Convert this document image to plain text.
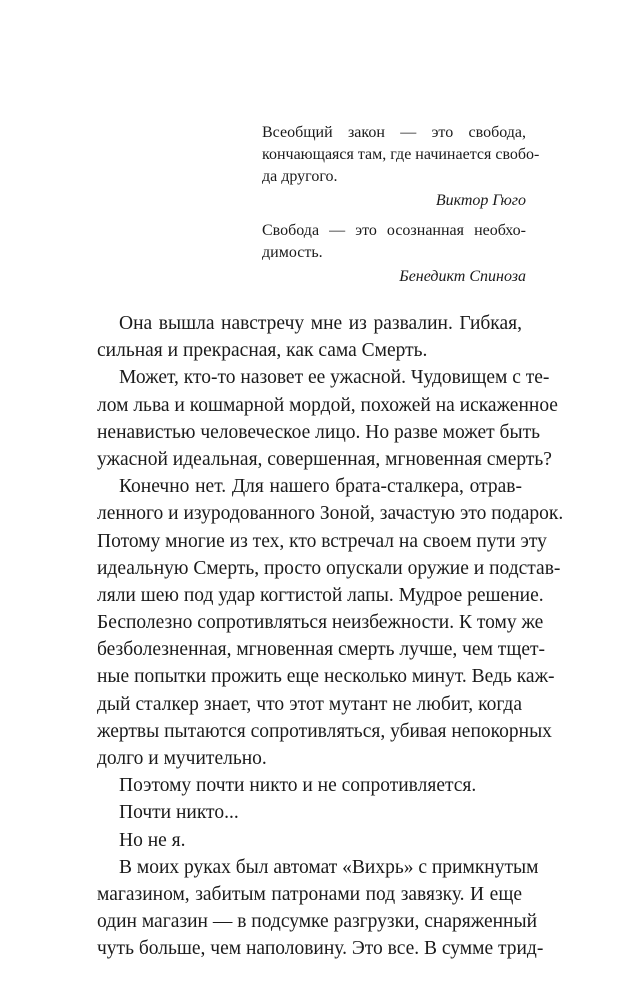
Всеобщий закон — это свобода,
кончающаяся там, где начинается свобо-
да другого.
Виктор Гюго
Свобода — это осознанная необхо-
димость.
Бенедикт Спиноза
Она вышла навстречу мне из развалин. Гибкая,
сильная и прекрасная, как сама Смерть.
Может, кто-то назовет ее ужасной. Чудовищем с те-
лом льва и кошмарной мордой, похожей на искаженное
ненавистью человеческое лицо. Но разве может быть
ужасной идеальная, совершенная, мгновенная смерть?
Конечно нет. Для нашего брата-сталкера, отрав-
ленного и изуродованного Зоной, зачастую это подарок.
Потому многие из тех, кто встречал на своем пути эту
идеальную Смерть, просто опускали оружие и подстав-
ляли шею под удар когтистой лапы. Мудрое решение.
Бесполезно сопротивляться неизбежности. К тому же
безболезненная, мгновенная смерть лучше, чем тщет-
ные попытки прожить еще несколько минут. Ведь каж-
дый сталкер знает, что этот мутант не любит, когда
жертвы пытаются сопротивляться, убивая непокорных
долго и мучительно.
Поэтому почти никто и не сопротивляется.
Почти никто...
Но не я.
В моих руках был автомат «Вихрь» с примкнутым
магазином, забитым патронами под завязку. И еще
один магазин — в подсумке разгрузки, снаряженный
чуть больше, чем наполовину. Это все. В сумме трид-
